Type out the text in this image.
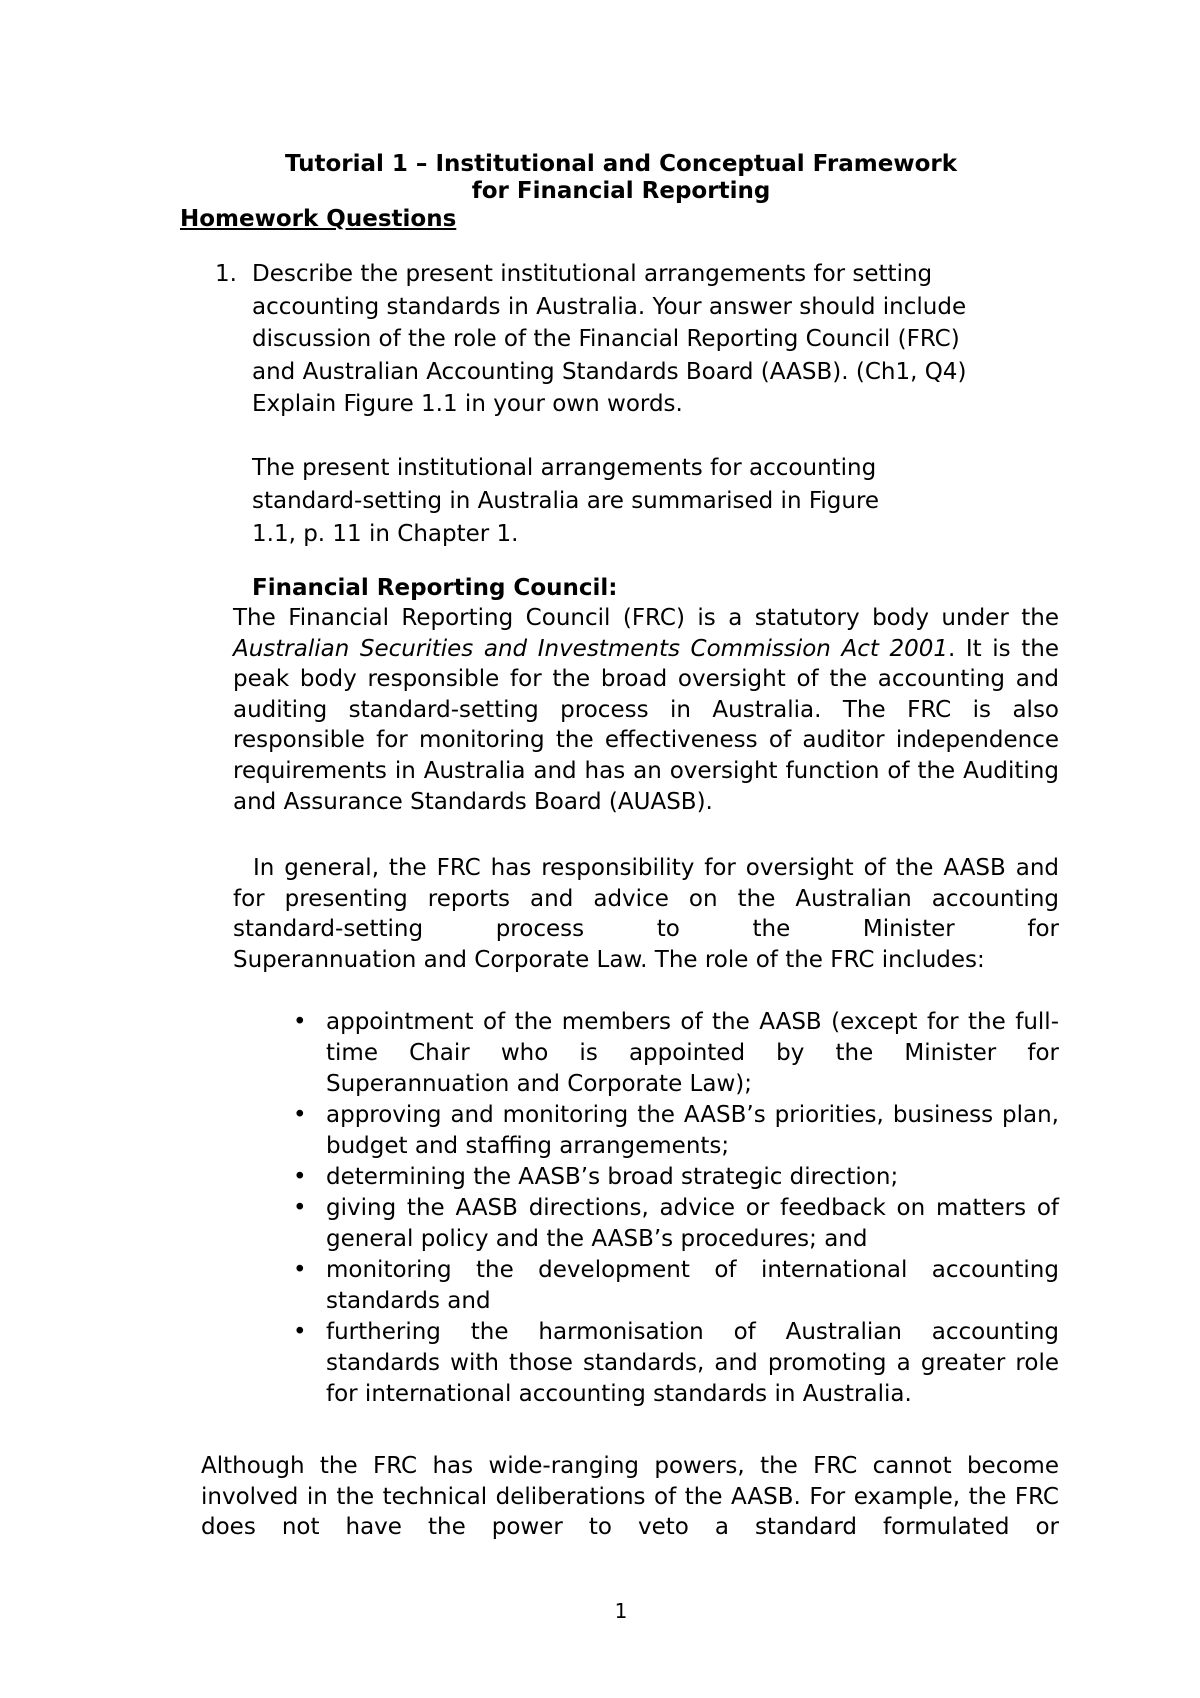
Tutorial 1 – Institutional and Conceptual Framework
for Financial Reporting
Homework Questions
1. Describe the present institutional arrangements for setting
accounting standards in Australia. Your answer should include
discussion of the role of the Financial Reporting Council (FRC)
and Australian Accounting Standards Board (AASB). (Ch1, Q4)
Explain Figure 1.1 in your own words.
The present institutional arrangements for accounting
standard-setting in Australia are summarised in Figure
1.1, p. 11 in Chapter 1.
Financial Reporting Council:
The Financial Reporting Council (FRC) is a statutory body under the Australian Securities and Investments Commission Act 2001. It is the peak body responsible for the broad oversight of the accounting and auditing standard-setting process in Australia. The FRC is also responsible for monitoring the effectiveness of auditor independence requirements in Australia and has an oversight function of the Auditing and Assurance Standards Board (AUASB).
In general, the FRC has responsibility for oversight of the AASB and for presenting reports and advice on the Australian accounting standard-setting process to the Minister for
Superannuation and Corporate Law. The role of the FRC includes:
• appointment of the members of the AASB (except for the full-time Chair who is appointed by the Minister for Superannuation and Corporate Law);
• approving and monitoring the AASB’s priorities, business plan, budget and staffing arrangements;
• determining the AASB’s broad strategic direction;
• giving the AASB directions, advice or feedback on matters of general policy and the AASB’s procedures; and
• monitoring the development of international accounting standards and
• furthering the harmonisation of Australian accounting standards with those standards, and promoting a greater role for international accounting standards in Australia.
Although the FRC has wide-ranging powers, the FRC cannot become involved in the technical deliberations of the AASB. For example, the FRC does not have the power to veto a standard formulated or
1
